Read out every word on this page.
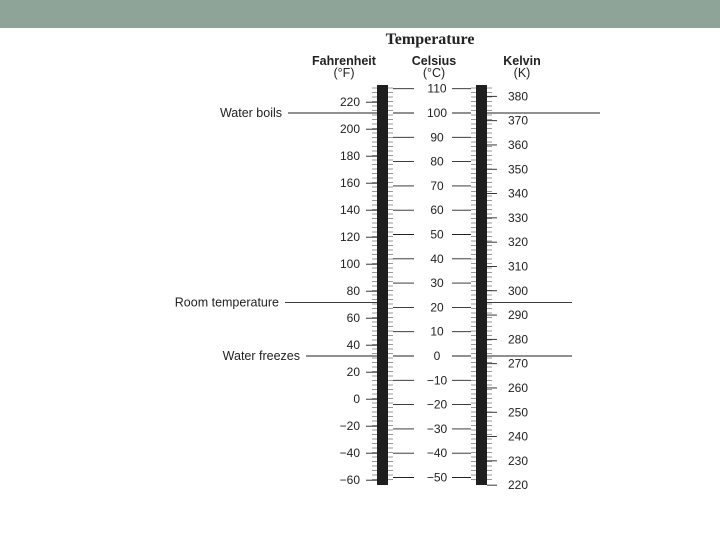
Temperature
Fahrenheit
(°F)
Celsius
(°C)
Kelvin
(K)
220
200
180
160
140
120
100
80
60
40
20
0
−20
−40
−60
110
100
90
80
70
60
50
40
30
20
10
0
−10
−20
−30
−40
−50
380
370
360
350
340
330
320
310
300
290
280
270
260
250
240
230
220
Water boils
Room temperature
Water freezes
